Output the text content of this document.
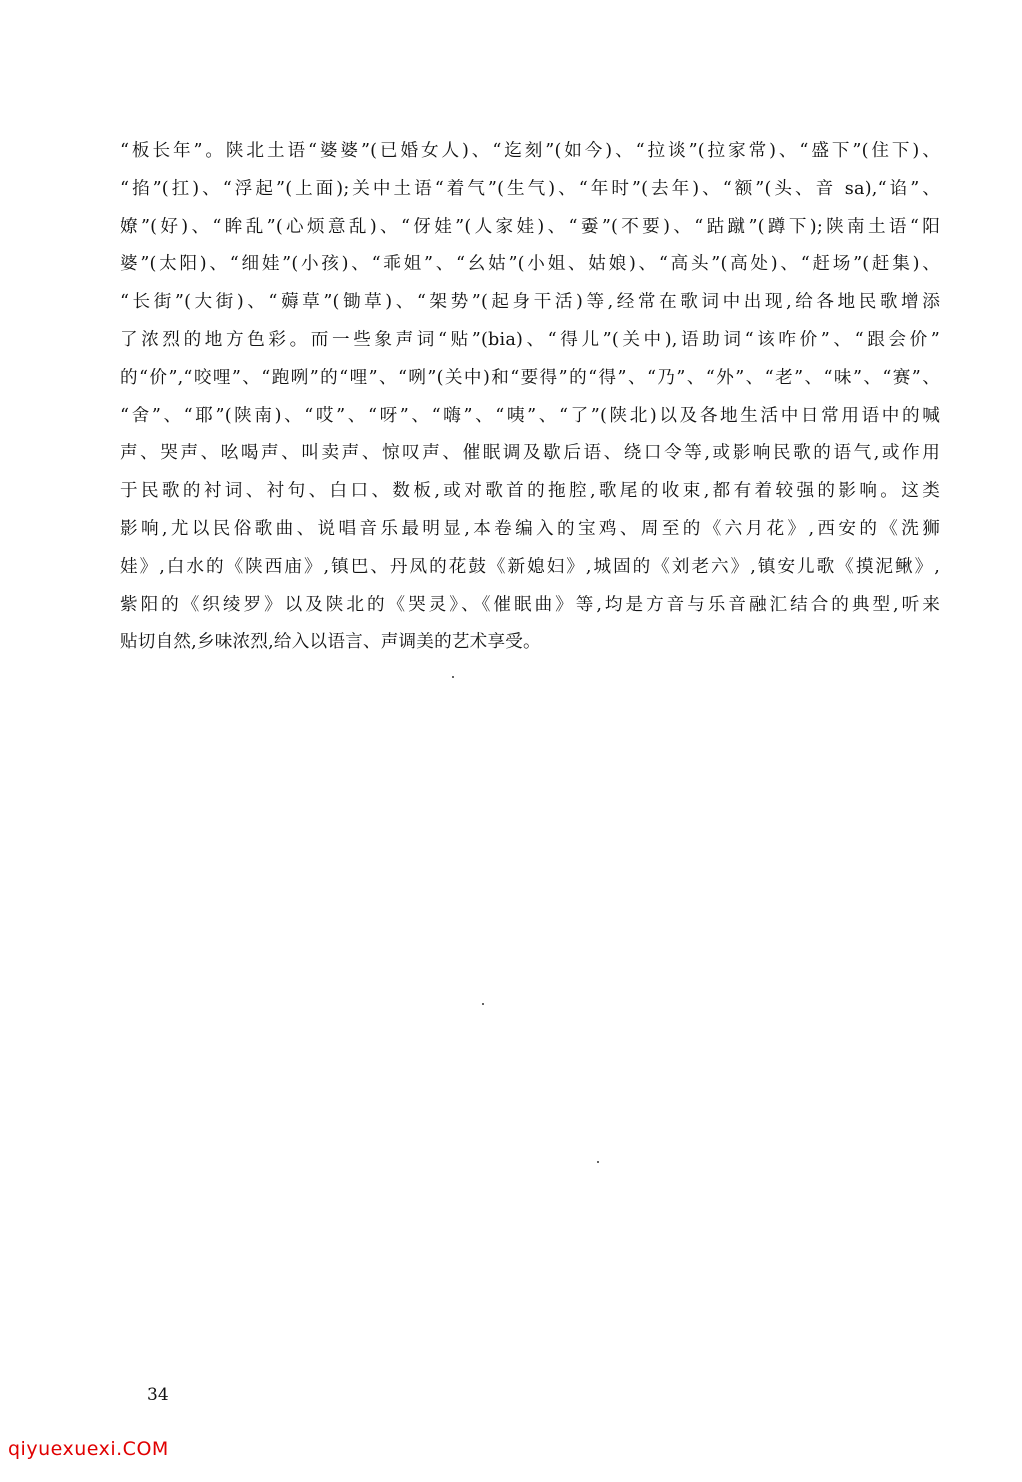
“板长年”。陕北土语“婆婆”(已婚女人)、“迄刻”(如今)、“拉谈”(拉家常)、“盛下”(住下)、
“掐”(扛)、“浮起”(上面);关中土语“着气”(生气)、“年时”(去年)、“额”(头、音 sa),“谄”、
嫽”(好)、“眸乱”(心烦意乱)、“伢娃”(人家娃)、“嫑”(不要)、“跍蹴”(蹲下);陕南土语“阳
婆”(太阳)、“细娃”(小孩)、“乖姐”、“幺姑”(小姐、姑娘)、“高头”(高处)、“赶场”(赶集)、
“长街”(大街)、“薅草”(锄草)、“架势”(起身干活)等,经常在歌词中出现,给各地民歌增添
了浓烈的地方色彩。而一些象声词“贴”(bia)、“得儿”(关中),语助词“该咋价”、“跟会价”
的“价”,“咬哩”、“跑咧”的“哩”、“咧”(关中)和“要得”的“得”、“乃”、“外”、“老”、“味”、“赛”、
“舍”、“耶”(陕南)、“哎”、“呀”、“嗨”、“咦”、“了”(陕北)以及各地生活中日常用语中的喊
声、哭声、吆喝声、叫卖声、惊叹声、催眠调及歇后语、绕口令等,或影响民歌的语气,或作用
于民歌的衬词、衬句、白口、数板,或对歌首的拖腔,歌尾的收束,都有着较强的影响。这类
影响,尤以民俗歌曲、说唱音乐最明显,本卷编入的宝鸡、周至的《六月花》,西安的《洗狮
娃》,白水的《陕西庙》,镇巴、丹凤的花鼓《新媳妇》,城固的《刘老六》,镇安儿歌《摸泥鳅》,
紫阳的《织绫罗》以及陕北的《哭灵》、《催眠曲》等,均是方音与乐音融汇结合的典型,听来
贴切自然,乡味浓烈,给入以语言、声调美的艺术享受。
34
qiyuexuexi.COM
